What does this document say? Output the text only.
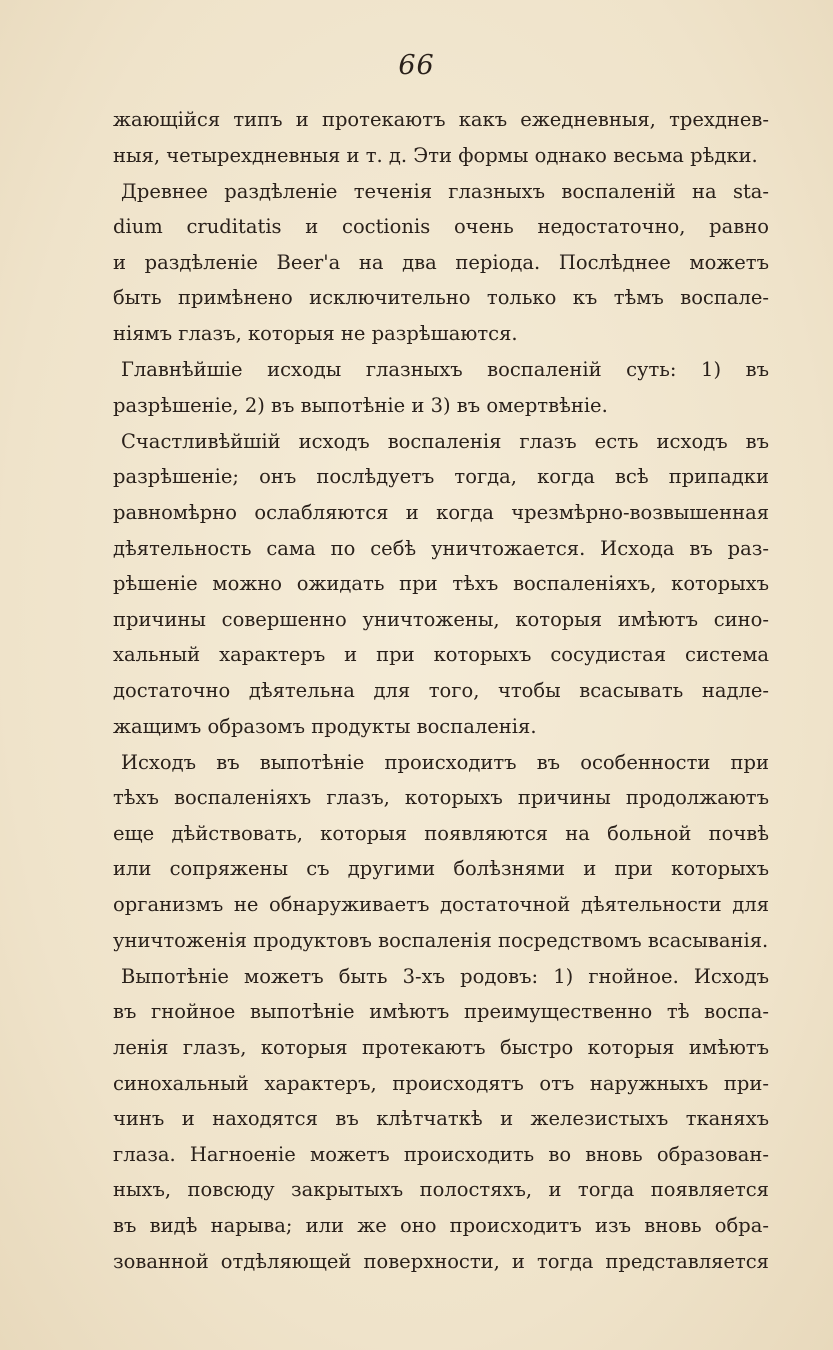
66
жающійся типъ и протекаютъ какъ ежедневныя, трехднев-
ныя, четырехдневныя и т. д. Эти формы однако весьма рѣдки.
Древнее раздѣленіе теченія глазныхъ воспаленій на sta-
dium cruditatis и coctionis очень недостаточно, равно
и раздѣленіе Beer'а на два періода. Послѣднее можетъ
быть примѣнено исключительно только къ тѣмъ воспале-
ніямъ глазъ, которыя не разрѣшаются.
Главнѣйшіе исходы глазныхъ воспаленій суть: 1) въ
разрѣшеніе, 2) въ выпотѣніе и 3) въ омертвѣніе.
Счастливѣйшій исходъ воспаленія глазъ есть исходъ въ
разрѣшеніе; онъ послѣдуетъ тогда, когда всѣ припадки
равномѣрно ослабляются и когда чрезмѣрно-возвышенная
дѣятельность сама по себѣ уничтожается. Исхода въ раз-
рѣшеніе можно ожидать при тѣхъ воспаленіяхъ, которыхъ
причины совершенно уничтожены, которыя имѣютъ сино-
хальный характеръ и при которыхъ сосудистая система
достаточно дѣятельна для того, чтобы всасывать надле-
жащимъ образомъ продукты воспаленія.
Исходъ въ выпотѣніе происходитъ въ особенности при
тѣхъ воспаленіяхъ глазъ, которыхъ причины продолжаютъ
еще дѣйствовать, которыя появляются на больной почвѣ
или сопряжены съ другими болѣзнями и при которыхъ
организмъ не обнаруживаетъ достаточной дѣятельности для
уничтоженія продуктовъ воспаленія посредствомъ всасыванія.
Выпотѣніе можетъ быть 3-хъ родовъ: 1) гнойное. Исходъ
въ гнойное выпотѣніе имѣютъ преимущественно тѣ воспа-
ленія глазъ, которыя протекаютъ быстро которыя имѣютъ
синохальный характеръ, происходятъ отъ наружныхъ при-
чинъ и находятся въ клѣтчаткѣ и железистыхъ тканяхъ
глаза. Нагноеніе можетъ происходить во вновь образован-
ныхъ, повсюду закрытыхъ полостяхъ, и тогда появляется
въ видѣ нарыва; или же оно происходитъ изъ вновь обра-
зованной отдѣляющей поверхности, и тогда представляется
